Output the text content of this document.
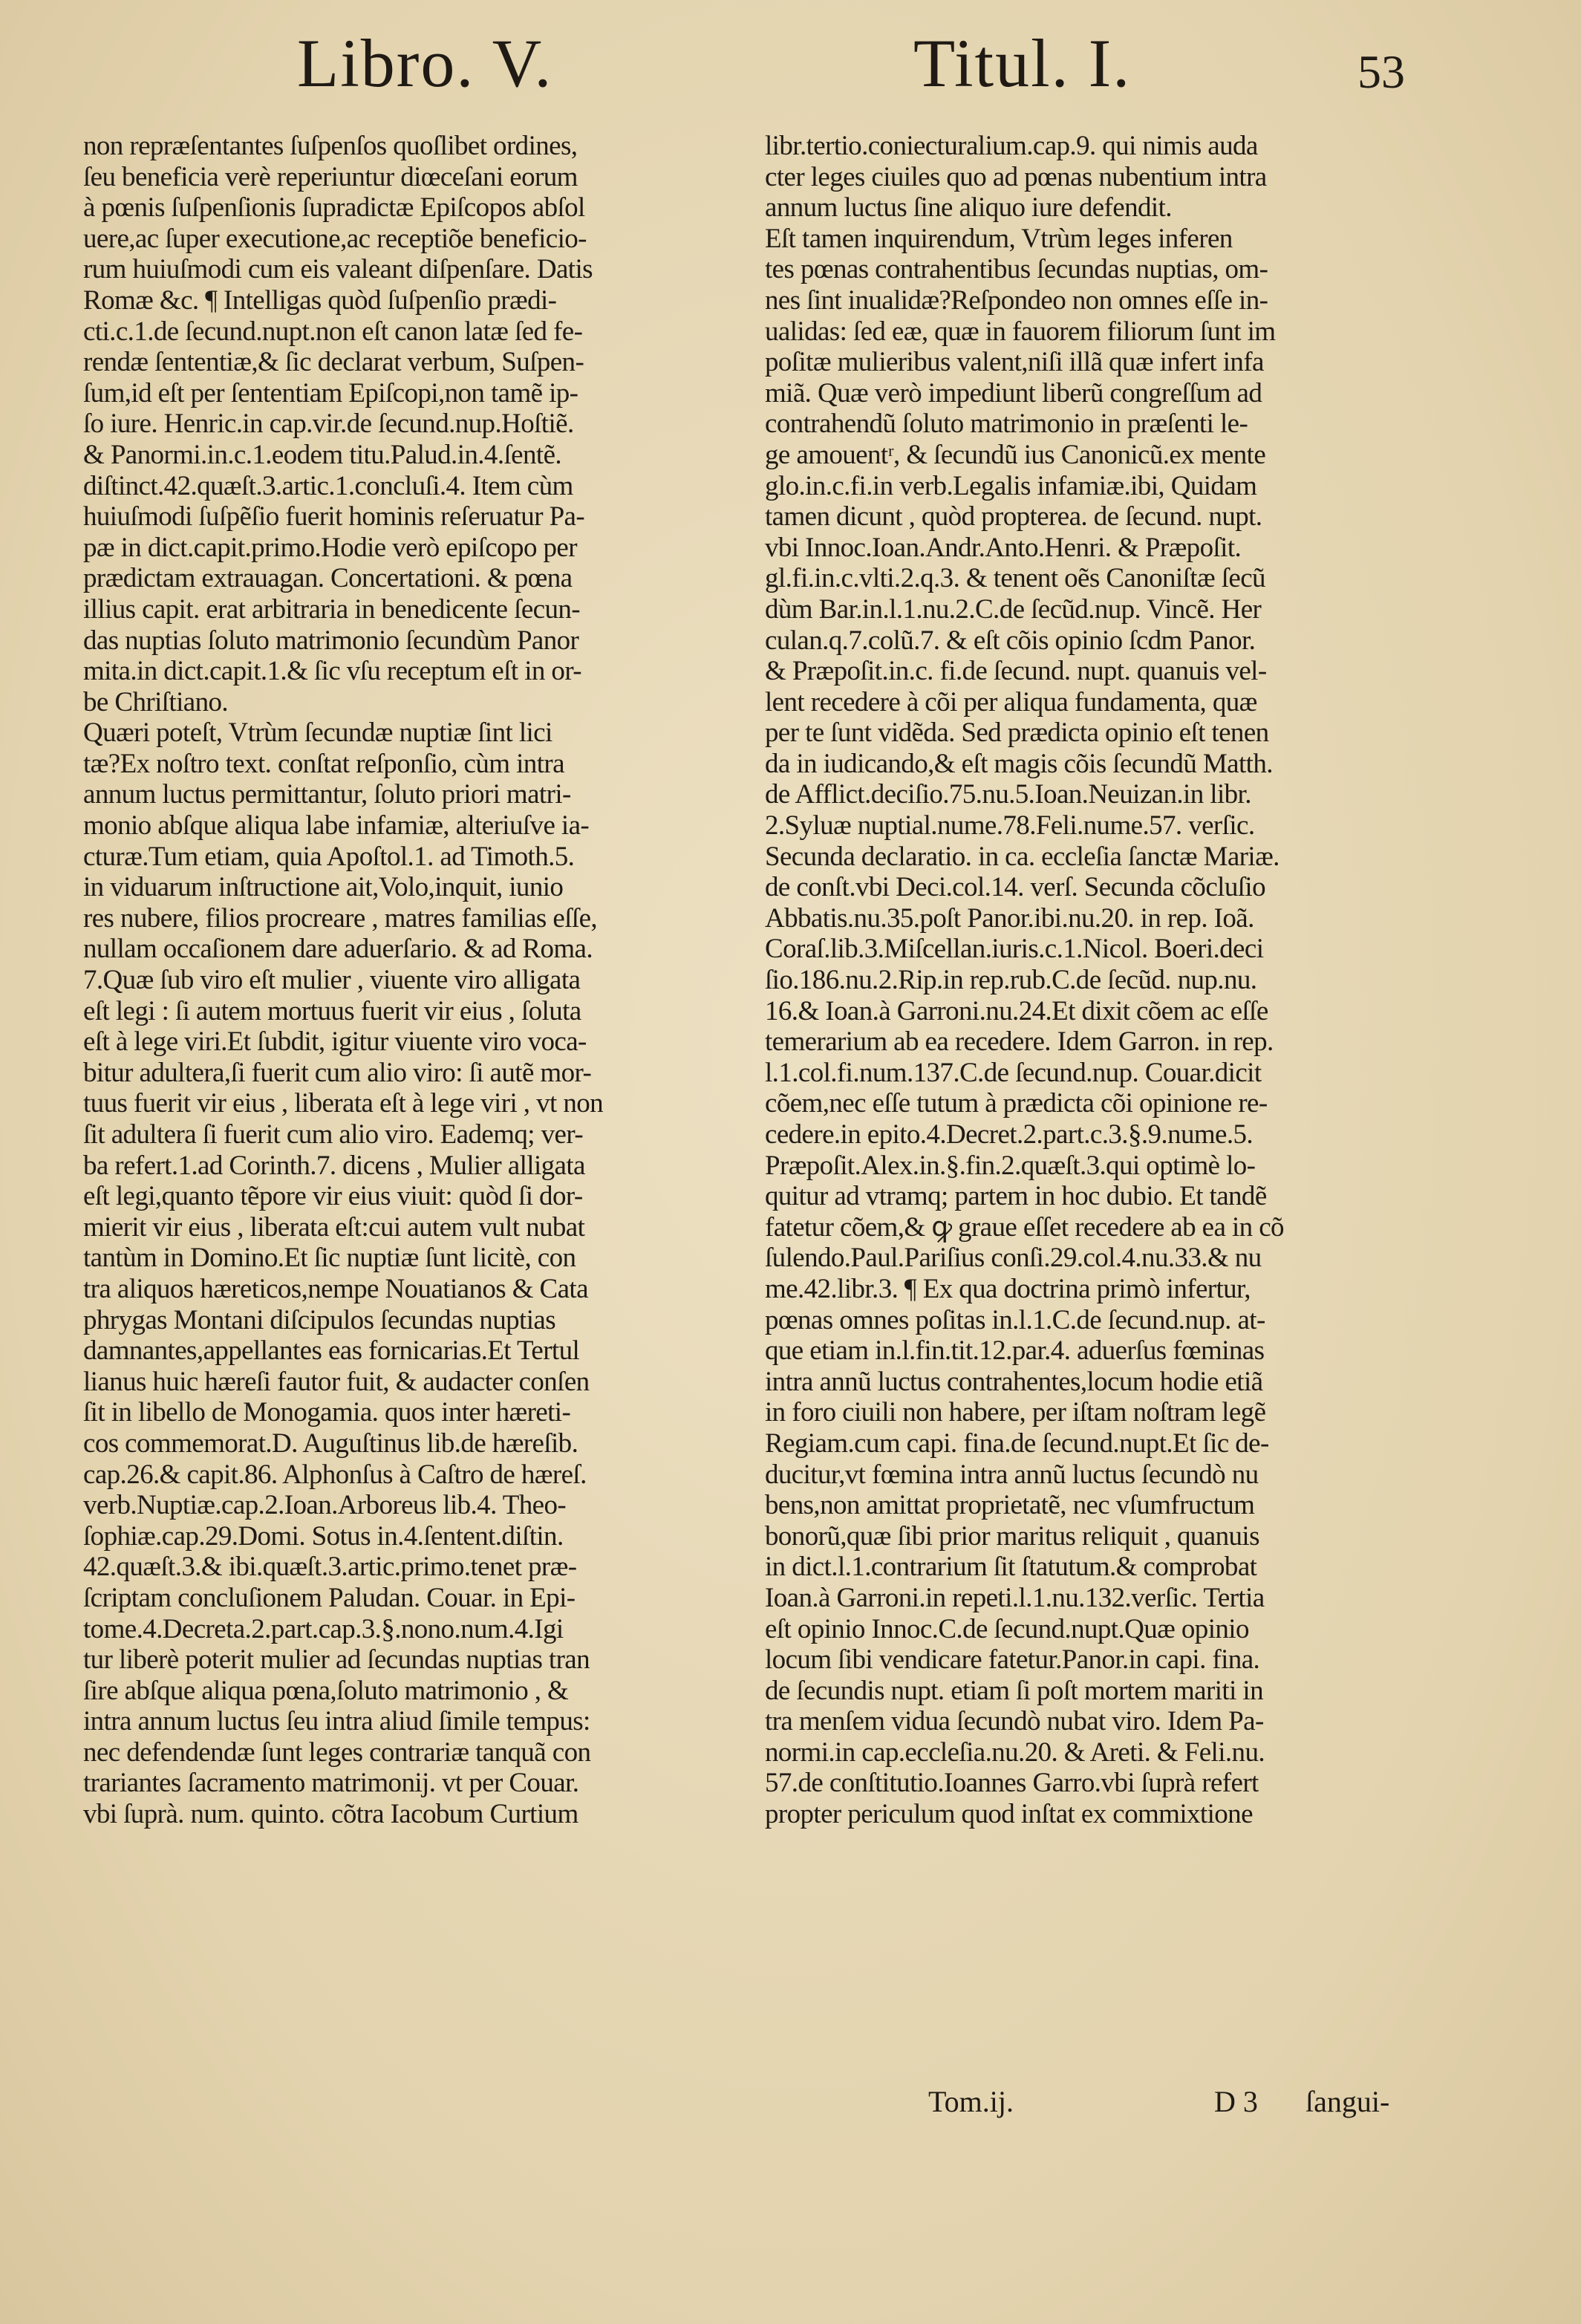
Libro. V.	Titul. I.	53
non repræſentantes ſuſpenſos quoſlibet ordines,
ſeu beneficia verè reperiuntur diœceſani eorum
à pœnis ſuſpenſionis ſupradictæ Epiſcopos abſol
uere,ac ſuper executione,ac receptiõe beneficio-
rum huiuſmodi cum eis valeant diſpenſare. Datis
Romæ &c. ¶ Intelligas quòd ſuſpenſio prædi-
cti.c.1.de ſecund.nupt.non eſt canon latæ ſed fe-
rendæ ſententiæ,& ſic declarat verbum, Suſpen-
ſum,id eſt per ſententiam Epiſcopi,non tamẽ ip-
ſo iure. Henric.in cap.vir.de ſecund.nup.Hoſtiẽ.
& Panormi.in.c.1.eodem titu.Palud.in.4.ſentẽ.
diſtinct.42.quæſt.3.artic.1.concluſi.4. Item cùm
huiuſmodi ſuſpẽſio fuerit hominis reſeruatur Pa-
pæ in dict.capit.primo.Hodie verò epiſcopo per
prædictam extrauagan. Concertationi. & pœna
illius capit. erat arbitraria in benedicente ſecun-
das nuptias ſoluto matrimonio ſecundùm Panor
mita.in dict.capit.1.& ſic vſu receptum eſt in or-
be Chriſtiano.
Quæri poteſt, Vtrùm ſecundæ nuptiæ ſint lici
tæ?Ex noſtro text. conſtat reſponſio, cùm intra
annum luctus permittantur, ſoluto priori matri-
monio abſque aliqua labe infamiæ, alteriuſve ia-
cturæ.Tum etiam, quia Apoſtol.1. ad Timoth.5.
in viduarum inſtructione ait,Volo,inquit, iunio
res nubere, filios procreare , matres familias eſſe,
nullam occaſionem dare aduerſario. & ad Roma.
7.Quæ ſub viro eſt mulier , viuente viro alligata
eſt legi : ſi autem mortuus fuerit vir eius , ſoluta
eſt à lege viri.Et ſubdit, igitur viuente viro voca-
bitur adultera,ſi fuerit cum alio viro: ſi autẽ mor-
tuus fuerit vir eius , liberata eſt à lege viri , vt non
ſit adultera ſi fuerit cum alio viro. Eademq; ver-
ba refert.1.ad Corinth.7. dicens , Mulier alligata
eſt legi,quanto tẽpore vir eius viuit: quòd ſi dor-
mierit vir eius , liberata eſt:cui autem vult nubat
tantùm in Domino.Et ſic nuptiæ ſunt licitè, con
tra aliquos hæreticos,nempe Nouatianos & Cata
phrygas Montani diſcipulos ſecundas nuptias
damnantes,appellantes eas fornicarias.Et Tertul
lianus huic hæreſi fautor fuit, & audacter conſen
ſit in libello de Monogamia. quos inter hæreti-
cos commemorat.D. Auguſtinus lib.de hæreſib.
cap.26.& capit.86. Alphonſus à Caſtro de hæreſ.
verb.Nuptiæ.cap.2.Ioan.Arboreus lib.4. Theo-
ſophiæ.cap.29.Domi. Sotus in.4.ſentent.diſtin.
42.quæſt.3.& ibi.quæſt.3.artic.primo.tenet præ-
ſcriptam concluſionem Paludan. Couar. in Epi-
tome.4.Decreta.2.part.cap.3.§.nono.num.4.Igi
tur liberè poterit mulier ad ſecundas nuptias tran
ſire abſque aliqua pœna,ſoluto matrimonio , &
intra annum luctus ſeu intra aliud ſimile tempus:
nec defendendæ ſunt leges contrariæ tanquã con
trariantes ſacramento matrimonij. vt per Couar.
vbi ſuprà. num. quinto. cõtra Iacobum Curtium
libr.tertio.coniecturalium.cap.9. qui nimis auda
cter leges ciuiles quo ad pœnas nubentium intra
annum luctus ſine aliquo iure defendit.
Eſt tamen inquirendum, Vtrùm leges inferen
tes pœnas contrahentibus ſecundas nuptias, om-
nes ſint inualidæ?Reſpondeo non omnes eſſe in-
ualidas: ſed eæ, quæ in fauorem filiorum ſunt im
poſitæ mulieribus valent,niſi illã quæ infert infa
miã. Quæ verò impediunt liberũ congreſſum ad
contrahendũ ſoluto matrimonio in præſenti le-
ge amouentʳ, & ſecundũ ius Canonicũ.ex mente
glo.in.c.fi.in verb.Legalis infamiæ.ibi, Quidam
tamen dicunt , quòd propterea. de ſecund. nupt.
vbi Innoc.Ioan.Andr.Anto.Henri. & Præpoſit.
gl.fi.in.c.vlti.2.q.3. & tenent oẽs Canoniſtæ ſecũ
dùm Bar.in.l.1.nu.2.C.de ſecũd.nup. Vincẽ. Her
culan.q.7.colũ.7. & eſt cõis opinio ſcdm Panor.
& Præpoſit.in.c. fi.de ſecund. nupt. quanuis vel-
lent recedere à cõi per aliqua fundamenta, quæ
per te ſunt vidẽda. Sed prædicta opinio eſt tenen
da in iudicando,& eſt magis cõis ſecundũ Matth.
de Afflict.deciſio.75.nu.5.Ioan.Neuizan.in libr.
2.Syluæ nuptial.nume.78.Feli.nume.57. verſic.
Secunda declaratio. in ca. eccleſia ſanctæ Mariæ.
de conſt.vbi Deci.col.14. verſ. Secunda cõcluſio
Abbatis.nu.35.poſt Panor.ibi.nu.20. in rep. Ioã.
Coraſ.lib.3.Miſcellan.iuris.c.1.Nicol. Boeri.deci
ſio.186.nu.2.Rip.in rep.rub.C.de ſecũd. nup.nu.
16.& Ioan.à Garroni.nu.24.Et dixit cõem ac eſſe
temerarium ab ea recedere. Idem Garron. in rep.
l.1.col.fi.num.137.C.de ſecund.nup. Couar.dicit
cõem,nec eſſe tutum à prædicta cõi opinione re-
cedere.in epito.4.Decret.2.part.c.3.§.9.nume.5.
Præpoſit.Alex.in.§.fin.2.quæſt.3.qui optimè lo-
quitur ad vtramq; partem in hoc dubio. Et tandẽ
fatetur cõem,& ꝙ graue eſſet recedere ab ea in cõ
ſulendo.Paul.Pariſius conſi.29.col.4.nu.33.& nu
me.42.libr.3. ¶ Ex qua doctrina primò infertur,
pœnas omnes poſitas in.l.1.C.de ſecund.nup. at-
que etiam in.l.fin.tit.12.par.4. aduerſus fœminas
intra annũ luctus contrahentes,locum hodie etiã
in foro ciuili non habere, per iſtam noſtram legẽ
Regiam.cum capi. fina.de ſecund.nupt.Et ſic de-
ducitur,vt fœmina intra annũ luctus ſecundò nu
bens,non amittat proprietatẽ, nec vſumfructum
bonorũ,quæ ſibi prior maritus reliquit , quanuis
in dict.l.1.contrarium ſit ſtatutum.& comprobat
Ioan.à Garroni.in repeti.l.1.nu.132.verſic. Tertia
eſt opinio Innoc.C.de ſecund.nupt.Quæ opinio
locum ſibi vendicare fatetur.Panor.in capi. fina.
de ſecundis nupt. etiam ſi poſt mortem mariti in
tra menſem vidua ſecundò nubat viro. Idem Pa-
normi.in cap.eccleſia.nu.20. & Areti. & Feli.nu.
57.de conſtitutio.Ioannes Garro.vbi ſuprà refert
propter periculum quod inſtat ex commixtione
Tom.ij.	D 3 ſangui-
